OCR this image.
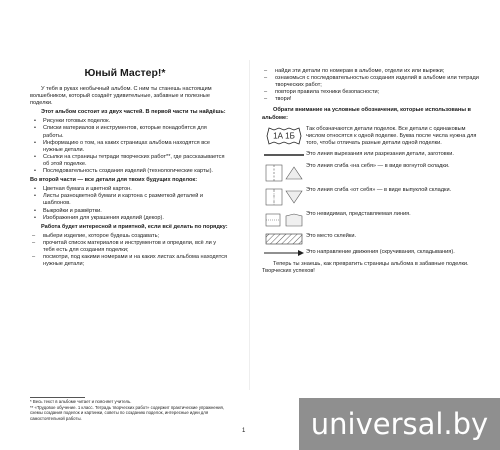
Юный Мастер!*

У тебя в руках необычный альбом. С ним ты станешь настоящим волшебником, который создаёт удивительные, забавные и полезные поделки.

Этот альбом состоит из двух частей. В первой части ты найдёшь:

• Рисунки готовых поделок.
• Списки материалов и инструментов, которые понадобятся для работы.
• Информацию о том, на каких страницах альбома находятся все нужные детали.
• Ссылки на страницы тетради творческих работ**, где рассказывается об этой поделке.
• Последовательность создания изделий (технологические карты).

Во второй части — все детали для твоих будущих поделок:

• Цветная бумага и цветной картон.
• Листы разноцветной бумаги и картона с разметкой деталей и шаблонов.
• Выкройки и развёртки.
• Изображения для украшения изделий (декор).

Работа будет интересной и приятной, если всё делать по порядку:

– выбери изделие, которое будешь создавать;
– прочитай список материалов и инструментов и определи, всё ли у тебя есть для создания поделки;
– посмотри, под какими номерами и на каких листах альбома находятся нужные детали;

* Весь текст в альбоме читает и поясняет учитель.

** «Трудовое обучение. 1 класс. Тетрадь творческих работ» содержит практические упражнения, схемы создания поделок и картинки, советы по созданию поделок, интересные идеи для самостоятельной работы.

1
– найди эти детали по номерам в альбоме, отдели их или вырежи;
– ознакомься с последовательностью создания изделий в альбоме или тетради творческих работ;
– повтори правила техники безопасности;
– твори!

Обрати внимание на условные обозначения, которые использованы в альбоме:

1А 1Б
Так обозначаются детали поделок. Все детали с одинаковым числом относятся к одной поделке. Буква после числа нужна для того, чтобы отличать разные детали одной поделки.
Это линия вырезания или разрезания детали, заготовки.
Это линия сгиба «на себя» — в виде вогнутой складки.
Это линия сгиба «от себя» — в виде выпуклой складки.
Это невидимая, представляемая линия.
Это место склейки.
Это направление движения (скручивания, складывания).

Теперь ты знаешь, как превратить страницы альбома в забавные поделки. Творческих успехов!

universal.by
